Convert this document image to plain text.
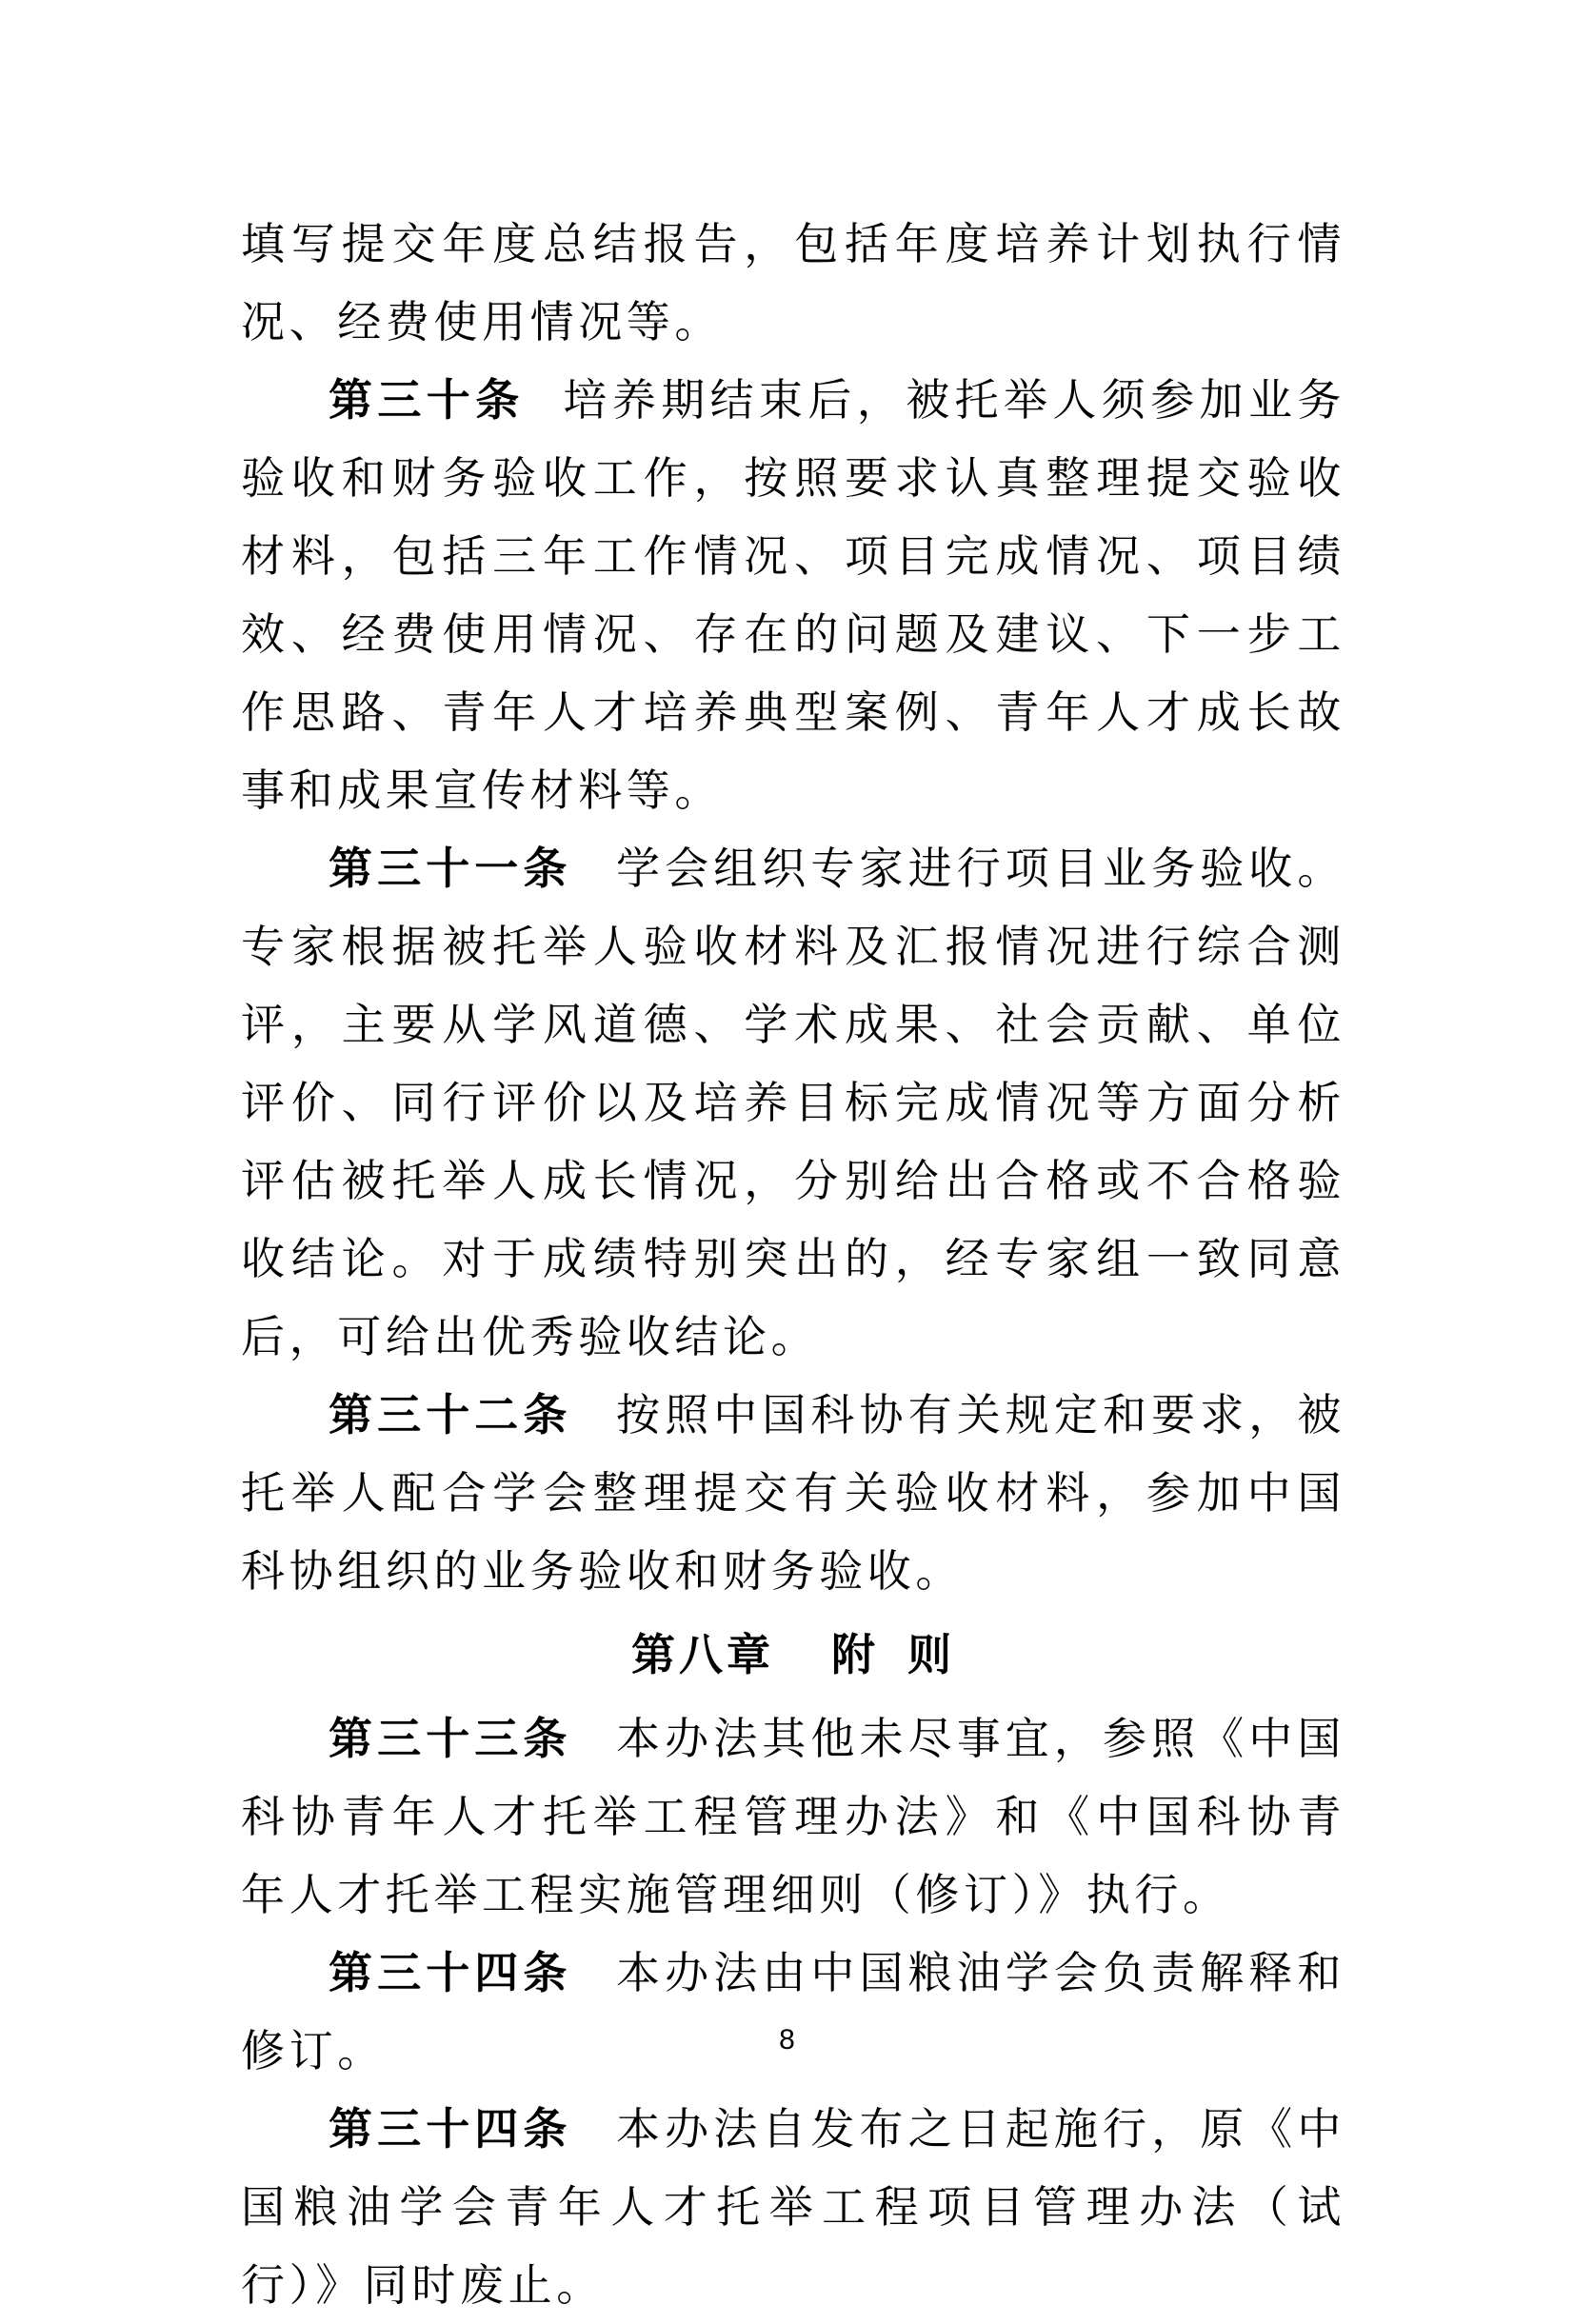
填写提交年度总结报告，包括年度培养计划执行情况、经费使用情况等。

第三十条 培养期结束后，被托举人须参加业务验收和财务验收工作，按照要求认真整理提交验收材料，包括三年工作情况、项目完成情况、项目绩效、经费使用情况、存在的问题及建议、下一步工作思路、青年人才培养典型案例、青年人才成长故事和成果宣传材料等。

第三十一条 学会组织专家进行项目业务验收。专家根据被托举人验收材料及汇报情况进行综合测评，主要从学风道德、学术成果、社会贡献、单位评价、同行评价以及培养目标完成情况等方面分析评估被托举人成长情况，分别给出合格或不合格验收结论。对于成绩特别突出的，经专家组一致同意后，可给出优秀验收结论。

第三十二条 按照中国科协有关规定和要求，被托举人配合学会整理提交有关验收材料，参加中国科协组织的业务验收和财务验收。

第八章 附 则

第三十三条 本办法其他未尽事宜，参照《中国科协青年人才托举工程管理办法》和《中国科协青年人才托举工程实施管理细则（修订）》执行。

第三十四条 本办法由中国粮油学会负责解释和修订。

第三十四条 本办法自发布之日起施行，原《中国粮油学会青年人才托举工程项目管理办法（试行）》同时废止。

8
